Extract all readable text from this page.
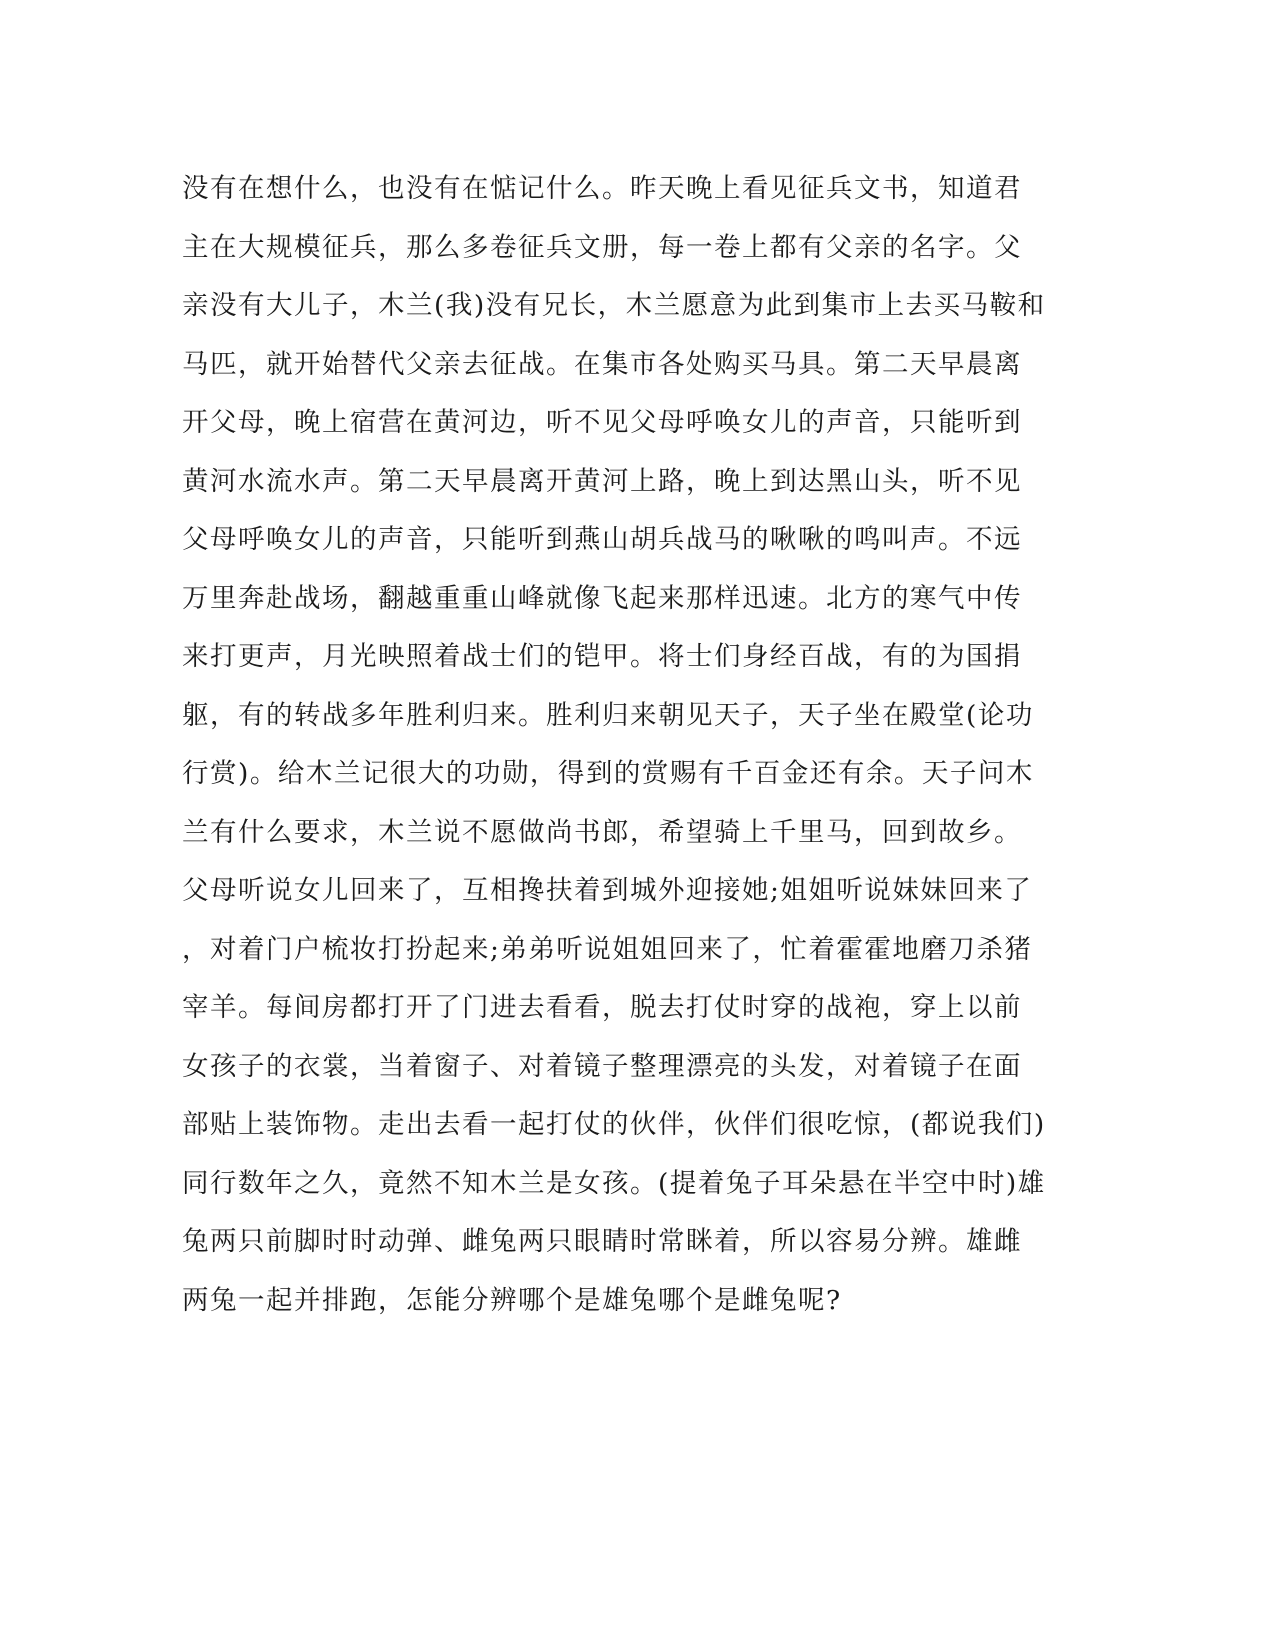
没有在想什么，也没有在惦记什么。昨天晚上看见征兵文书，知道君
主在大规模征兵，那么多卷征兵文册，每一卷上都有父亲的名字。父
亲没有大儿子，木兰(我)没有兄长，木兰愿意为此到集市上去买马鞍和
马匹，就开始替代父亲去征战。在集市各处购买马具。第二天早晨离
开父母，晚上宿营在黄河边，听不见父母呼唤女儿的声音，只能听到
黄河水流水声。第二天早晨离开黄河上路，晚上到达黑山头，听不见
父母呼唤女儿的声音，只能听到燕山胡兵战马的啾啾的鸣叫声。不远
万里奔赴战场，翻越重重山峰就像飞起来那样迅速。北方的寒气中传
来打更声，月光映照着战士们的铠甲。将士们身经百战，有的为国捐
躯，有的转战多年胜利归来。胜利归来朝见天子，天子坐在殿堂(论功
行赏)。给木兰记很大的功勋，得到的赏赐有千百金还有余。天子问木
兰有什么要求，木兰说不愿做尚书郎，希望骑上千里马，回到故乡。
父母听说女儿回来了，互相搀扶着到城外迎接她;姐姐听说妹妹回来了
，对着门户梳妆打扮起来;弟弟听说姐姐回来了，忙着霍霍地磨刀杀猪
宰羊。每间房都打开了门进去看看，脱去打仗时穿的战袍，穿上以前
女孩子的衣裳，当着窗子、对着镜子整理漂亮的头发，对着镜子在面
部贴上装饰物。走出去看一起打仗的伙伴，伙伴们很吃惊，(都说我们)
同行数年之久，竟然不知木兰是女孩。(提着兔子耳朵悬在半空中时)雄
兔两只前脚时时动弹、雌兔两只眼睛时常眯着，所以容易分辨。雄雌
两兔一起并排跑，怎能分辨哪个是雄兔哪个是雌兔呢?
